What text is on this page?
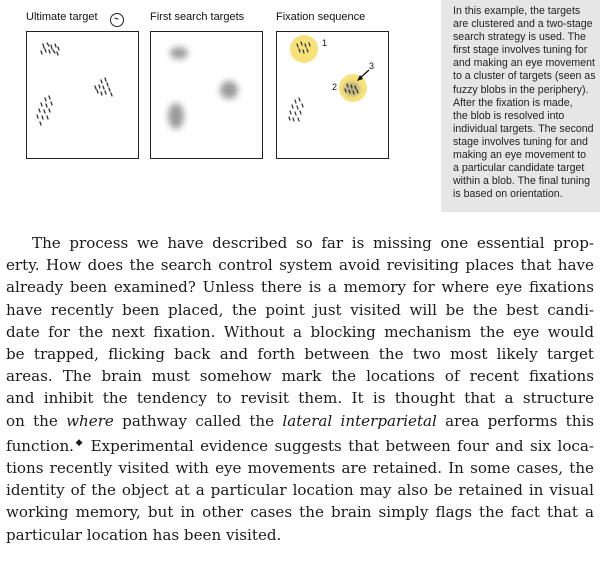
Ultimate target	First search targets	Fixation sequence
1
2
3
In this example, the targets
are clustered and a two-stage
search strategy is used. The
first stage involves tuning for
and making an eye movement
to a cluster of targets (seen as
fuzzy blobs in the periphery).
After the fixation is made,
the blob is resolved into
individual targets. The second
stage involves tuning for and
making an eye movement to
a particular candidate target
within a blob. The final tuning
is based on orientation.
The process we have described so far is missing one essential prop-
erty. How does the search control system avoid revisiting places that have
already been examined? Unless there is a memory for where eye fixations
have recently been placed, the point just visited will be the best candi-
date for the next fixation. Without a blocking mechanism the eye would
be trapped, flicking back and forth between the two most likely target
areas. The brain must somehow mark the locations of recent fixations
and inhibit the tendency to revisit them. It is thought that a structure
on the where pathway called the lateral interparietal area performs this
function.◆ Experimental evidence suggests that between four and six loca-
tions recently visited with eye movements are retained. In some cases, the
identity of the object at a particular location may also be retained in visual
working memory, but in other cases the brain simply flags the fact that a
particular location has been visited.
